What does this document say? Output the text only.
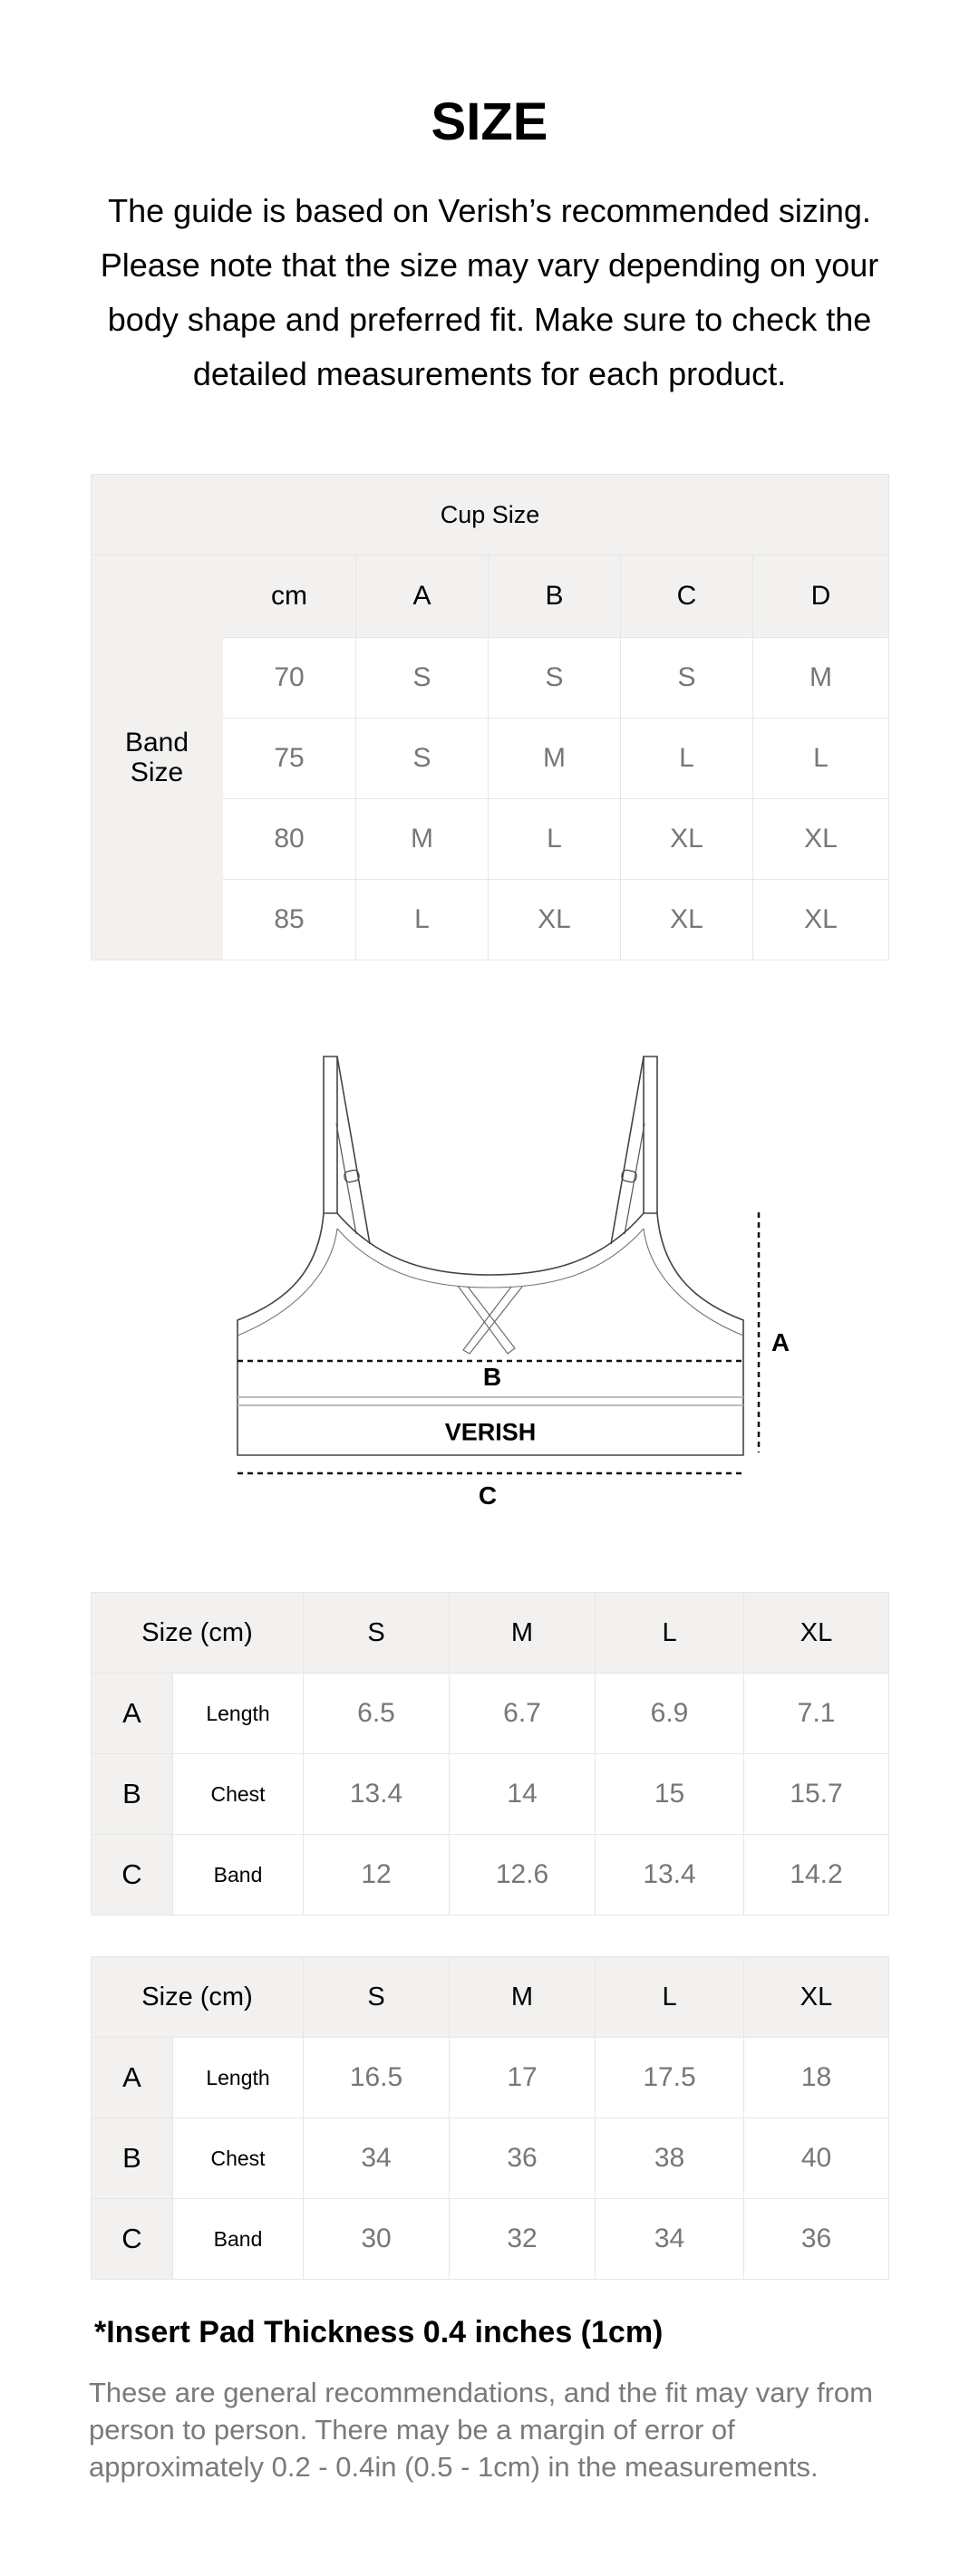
SIZE
The guide is based on Verish’s recommended sizing.
Please note that the size may vary depending on your
body shape and preferred fit. Make sure to check the
detailed measurements for each product.
Cup Size					
Band Size	cm	A	B	C	D
	70	S	S	S	M
	75	S	M	L	L
	80	M	L	XL	XL
	85	L	XL	XL	XL
B
VERISH
C
A
Size (cm)		S	M	L	XL
A	Length	6.5	6.7	6.9	7.1
B	Chest	13.4	14	15	15.7
C	Band	12	12.6	13.4	14.2
Size (cm)		S	M	L	XL
A	Length	16.5	17	17.5	18
B	Chest	34	36	38	40
C	Band	30	32	34	36
*Insert Pad Thickness 0.4 inches (1cm)
These are general recommendations, and the fit may vary from
person to person. There may be a margin of error of
approximately 0.2 - 0.4in (0.5 - 1cm) in the measurements.
